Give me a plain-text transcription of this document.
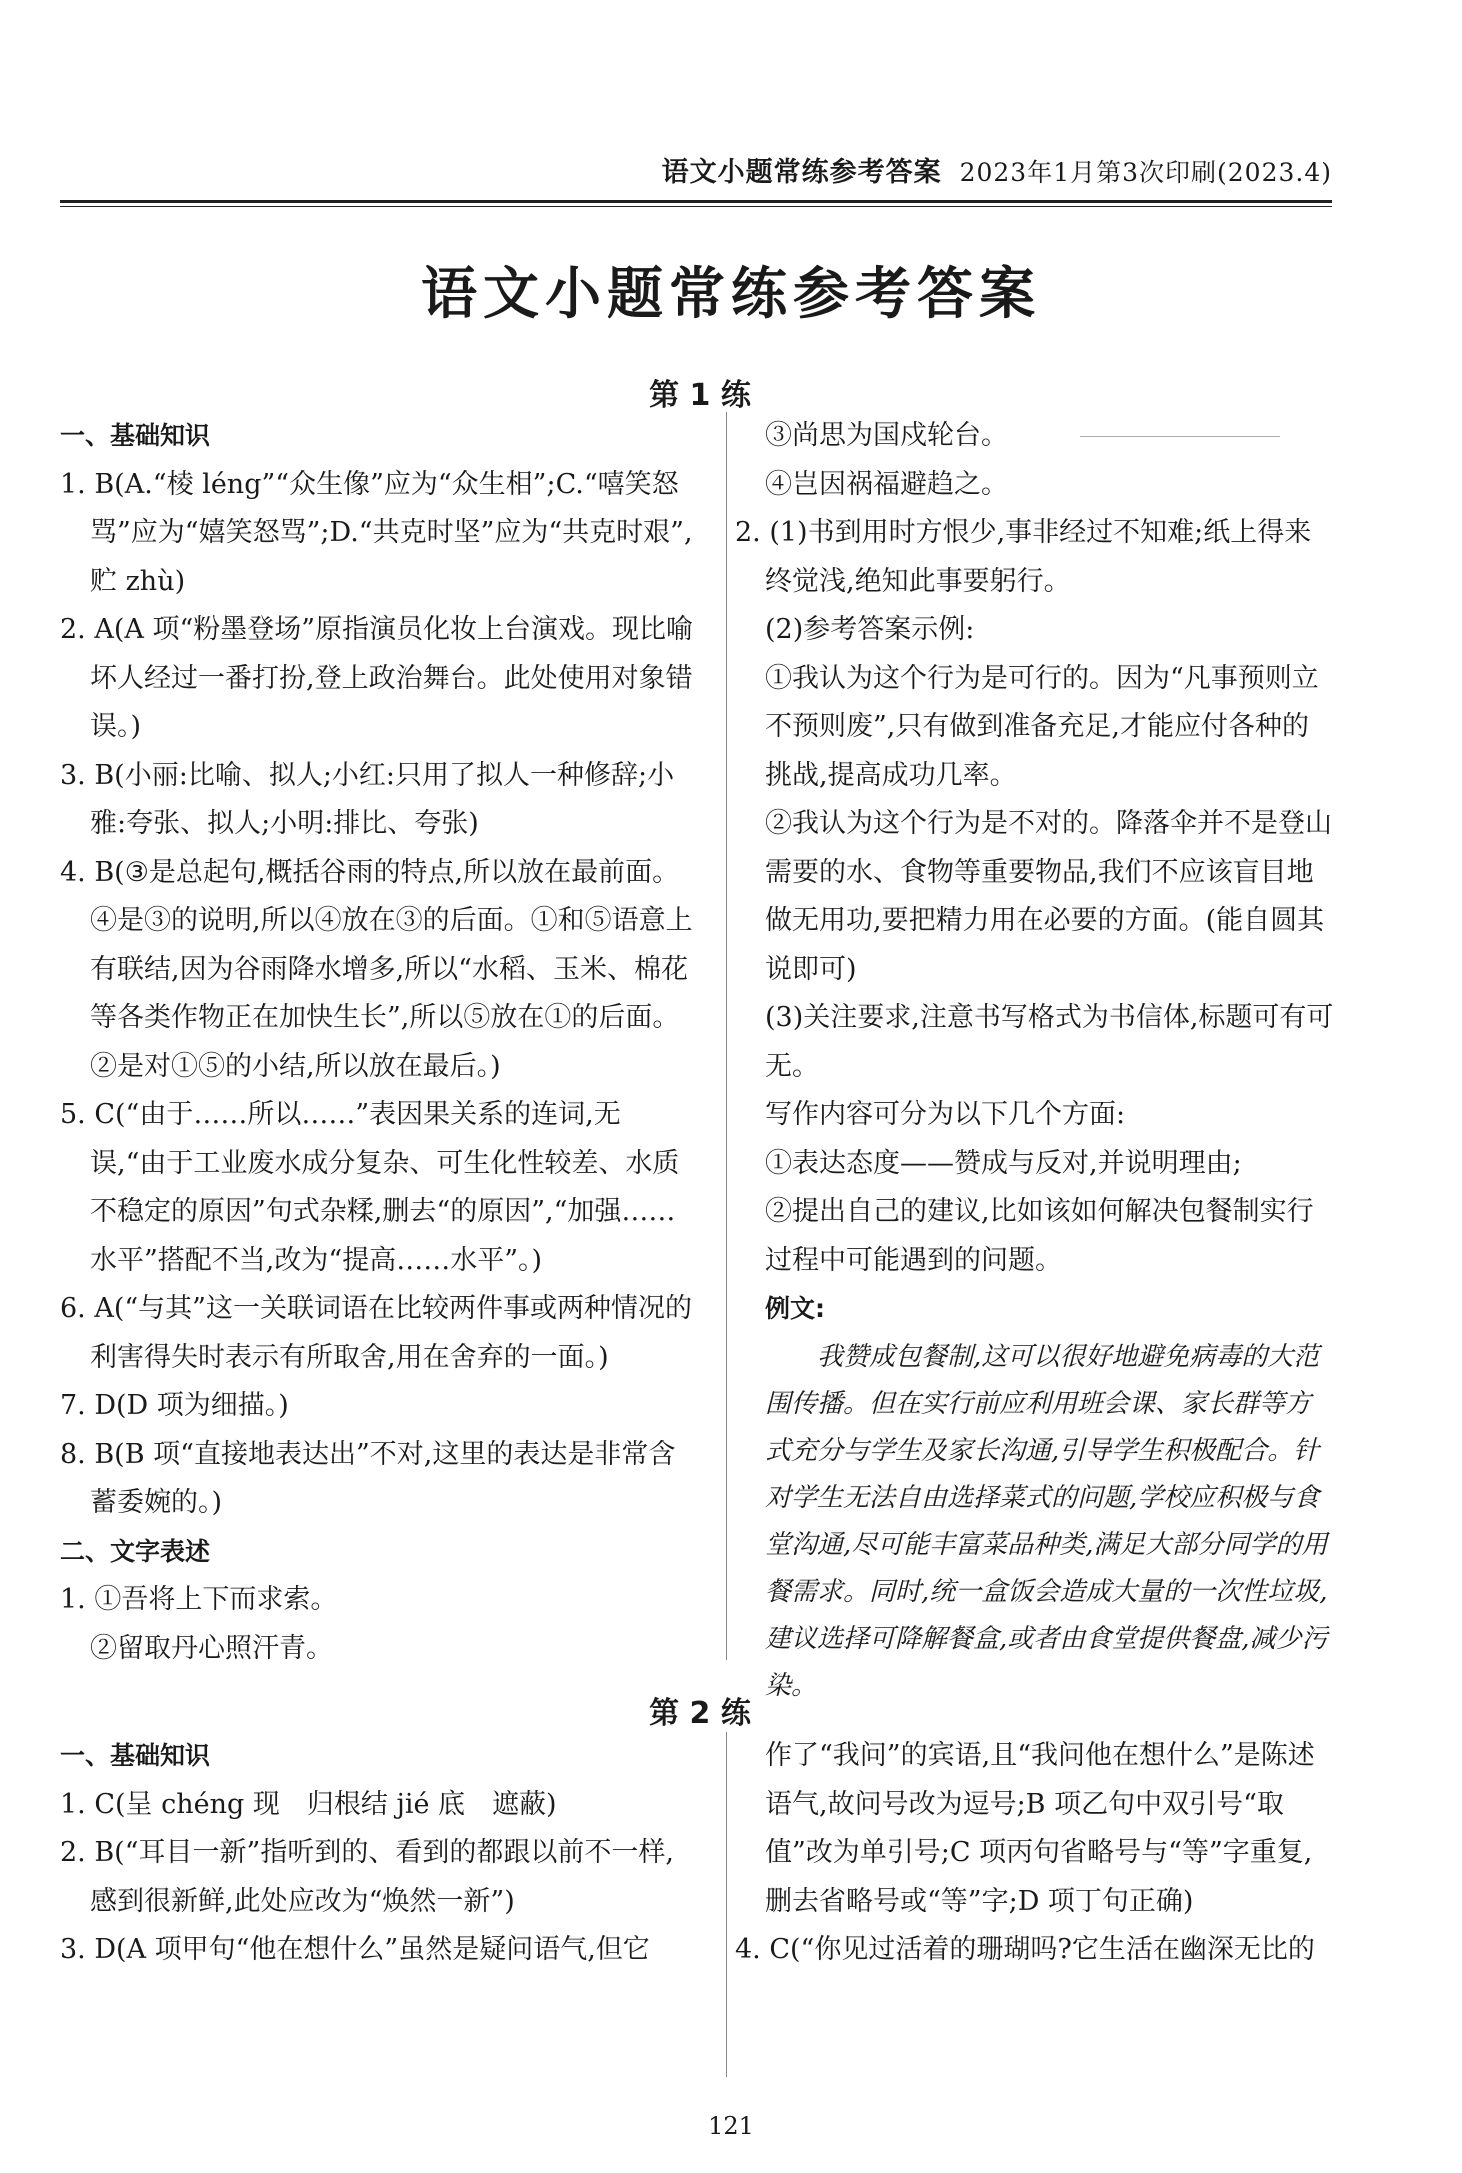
语文小题常练参考答案 2023年1月第3次印刷(2023.4)
语文小题常练参考答案
第 1 练
一、基础知识
1. B(A.“棱 léng”“众生像”应为“众生相”;C.“嘻笑怒骂”应为“嬉笑怒骂”;D.“共克时坚”应为“共克时艰”,贮 zhù)
2. A(A 项“粉墨登场”原指演员化妆上台演戏。现比喻坏人经过一番打扮,登上政治舞台。此处使用对象错误。)
3. B(小丽:比喻、拟人;小红:只用了拟人一种修辞;小雅:夸张、拟人;小明:排比、夸张)
4. B(③是总起句,概括谷雨的特点,所以放在最前面。④是③的说明,所以④放在③的后面。①和⑤语意上有联结,因为谷雨降水增多,所以“水稻、玉米、棉花等各类作物正在加快生长”,所以⑤放在①的后面。②是对①⑤的小结,所以放在最后。)
5. C(“由于……所以……”表因果关系的连词,无误,“由于工业废水成分复杂、可生化性较差、水质不稳定的原因”句式杂糅,删去“的原因”,“加强……水平”搭配不当,改为“提高……水平”。)
6. A(“与其”这一关联词语在比较两件事或两种情况的利害得失时表示有所取舍,用在舍弃的一面。)
7. D(D 项为细描。)
8. B(B 项“直接地表达出”不对,这里的表达是非常含蓄委婉的。)
二、文字表述
1. ①吾将上下而求索。
②留取丹心照汗青。
③尚思为国戍轮台。
④岂因祸福避趋之。
2. (1)书到用时方恨少,事非经过不知难;纸上得来终觉浅,绝知此事要躬行。
(2)参考答案示例:
①我认为这个行为是可行的。因为“凡事预则立不预则废”,只有做到准备充足,才能应付各种的挑战,提高成功几率。
②我认为这个行为是不对的。降落伞并不是登山需要的水、食物等重要物品,我们不应该盲目地做无用功,要把精力用在必要的方面。(能自圆其说即可)
(3)关注要求,注意书写格式为书信体,标题可有可无。
写作内容可分为以下几个方面:
①表达态度——赞成与反对,并说明理由;
②提出自己的建议,比如该如何解决包餐制实行过程中可能遇到的问题。
例文:
我赞成包餐制,这可以很好地避免病毒的大范围传播。但在实行前应利用班会课、家长群等方式充分与学生及家长沟通,引导学生积极配合。针对学生无法自由选择菜式的问题,学校应积极与食堂沟通,尽可能丰富菜品种类,满足大部分同学的用餐需求。同时,统一盒饭会造成大量的一次性垃圾,建议选择可降解餐盒,或者由食堂提供餐盘,减少污染。
第 2 练
一、基础知识
1. C(呈 chéng 现　归根结 jié 底　遮蔽)
2. B(“耳目一新”指听到的、看到的都跟以前不一样,感到很新鲜,此处应改为“焕然一新”)
3. D(A 项甲句“他在想什么”虽然是疑问语气,但它
作了“我问”的宾语,且“我问他在想什么”是陈述语气,故问号改为逗号;B 项乙句中双引号“取值”改为单引号;C 项丙句省略号与“等”字重复,删去省略号或“等”字;D 项丁句正确)
4. C(“你见过活着的珊瑚吗?它生活在幽深无比的
121
